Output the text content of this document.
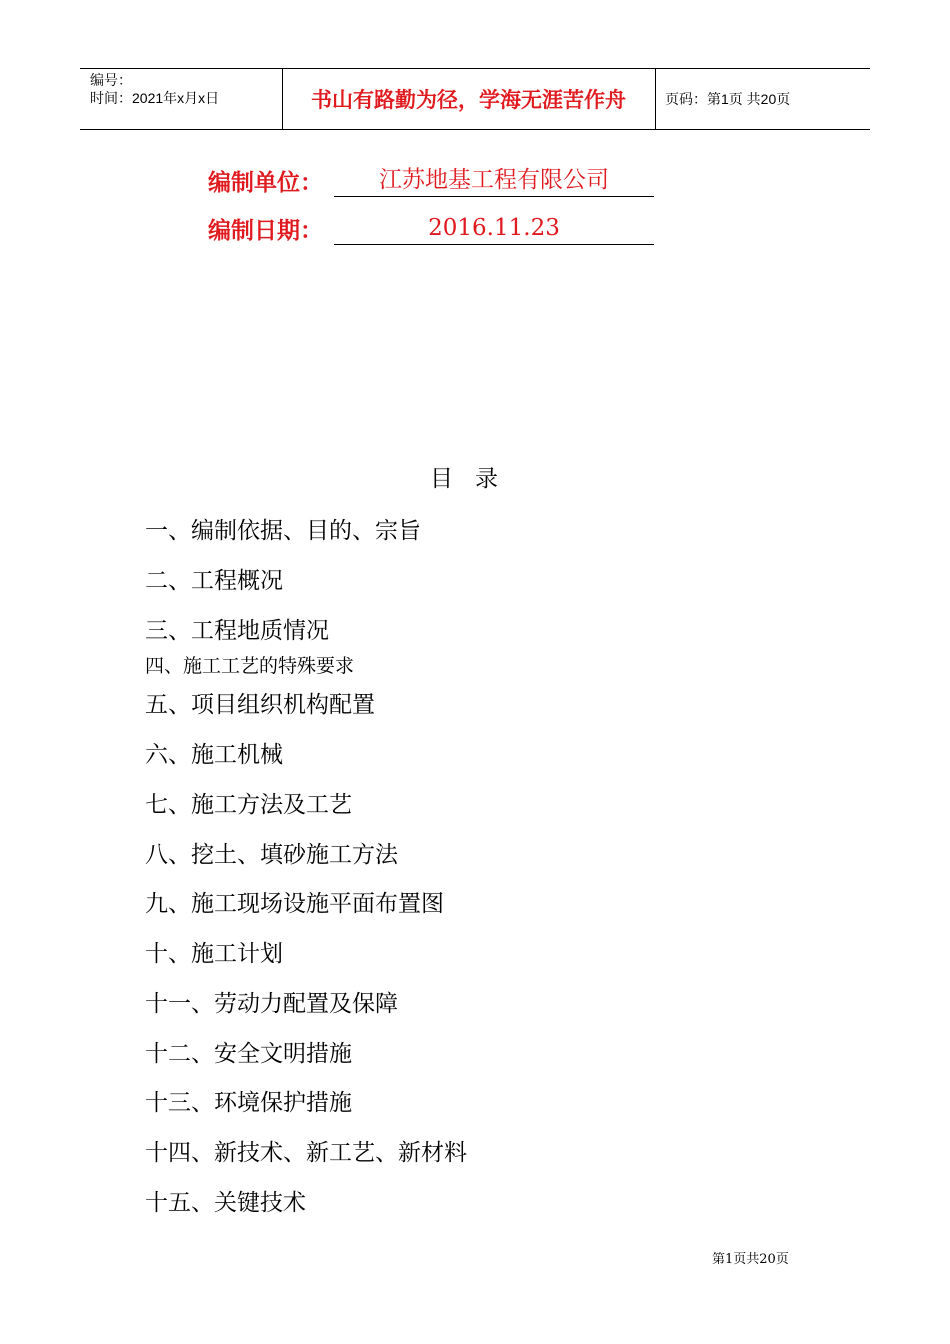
编号：
时间：2021年x月x日	书山有路勤为径，学海无涯苦作舟	页码：第1页 共20页
编制单位：	江苏地基工程有限公司
编制日期：	2016.11.23
目录
一、编制依据、目的、宗旨
二、工程概况
三、工程地质情况
四、施工工艺的特殊要求
五、项目组织机构配置
六、施工机械
七、施工方法及工艺
八、挖土、填砂施工方法
九、施工现场设施平面布置图
十、施工计划
十一、劳动力配置及保障
十二、安全文明措施
十三、环境保护措施
十四、新技术、新工艺、新材料
十五、关键技术
第1页共20页
